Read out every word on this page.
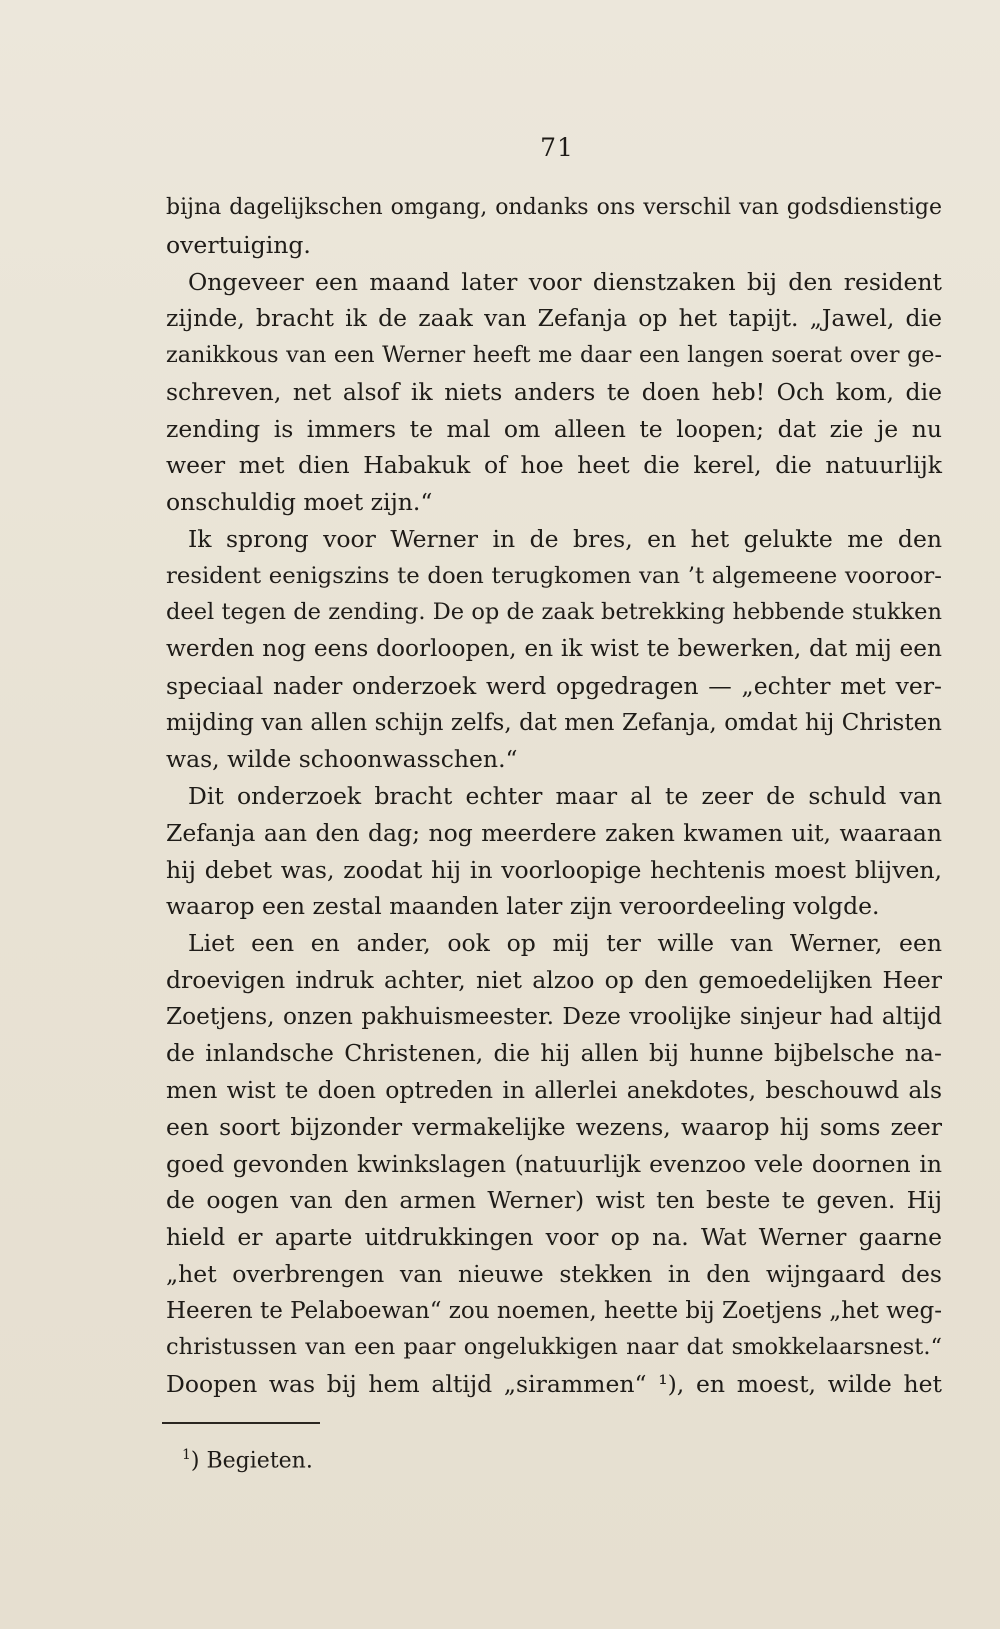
71
bijna dagelijkschen omgang, ondanks ons verschil van godsdienstige
overtuiging.
Ongeveer een maand later voor dienstzaken bij den resident
zijnde, bracht ik de zaak van Zefanja op het tapijt. „Jawel, die
zanikkous van een Werner heeft me daar een langen soerat over ge-
schreven, net alsof ik niets anders te doen heb! Och kom, die
zending is immers te mal om alleen te loopen; dat zie je nu
weer met dien Habakuk of hoe heet die kerel, die natuurlijk
onschuldig moet zijn.“
Ik sprong voor Werner in de bres, en het gelukte me den
resident eenigszins te doen terugkomen van ’t algemeene vooroor-
deel tegen de zending. De op de zaak betrekking hebbende stukken
werden nog eens doorloopen, en ik wist te bewerken, dat mij een
speciaal nader onderzoek werd opgedragen — „echter met ver-
mijding van allen schijn zelfs, dat men Zefanja, omdat hij Christen
was, wilde schoonwasschen.“
Dit onderzoek bracht echter maar al te zeer de schuld van
Zefanja aan den dag; nog meerdere zaken kwamen uit, waaraan
hij debet was, zoodat hij in voorloopige hechtenis moest blijven,
waarop een zestal maanden later zijn veroordeeling volgde.
Liet een en ander, ook op mij ter wille van Werner, een
droevigen indruk achter, niet alzoo op den gemoedelijken Heer
Zoetjens, onzen pakhuismeester. Deze vroolijke sinjeur had altijd
de inlandsche Christenen, die hij allen bij hunne bijbelsche na-
men wist te doen optreden in allerlei anekdotes, beschouwd als
een soort bijzonder vermakelijke wezens, waarop hij soms zeer
goed gevonden kwinkslagen (natuurlijk evenzoo vele doornen in
de oogen van den armen Werner) wist ten beste te geven. Hij
hield er aparte uitdrukkingen voor op na. Wat Werner gaarne
„het overbrengen van nieuwe stekken in den wijngaard des
Heeren te Pelaboewan“ zou noemen, heette bij Zoetjens „het weg-
christussen van een paar ongelukkigen naar dat smokkelaarsnest.“
Doopen was bij hem altijd „sirammen“ ¹), en moest, wilde het
$^1$) Begieten.
